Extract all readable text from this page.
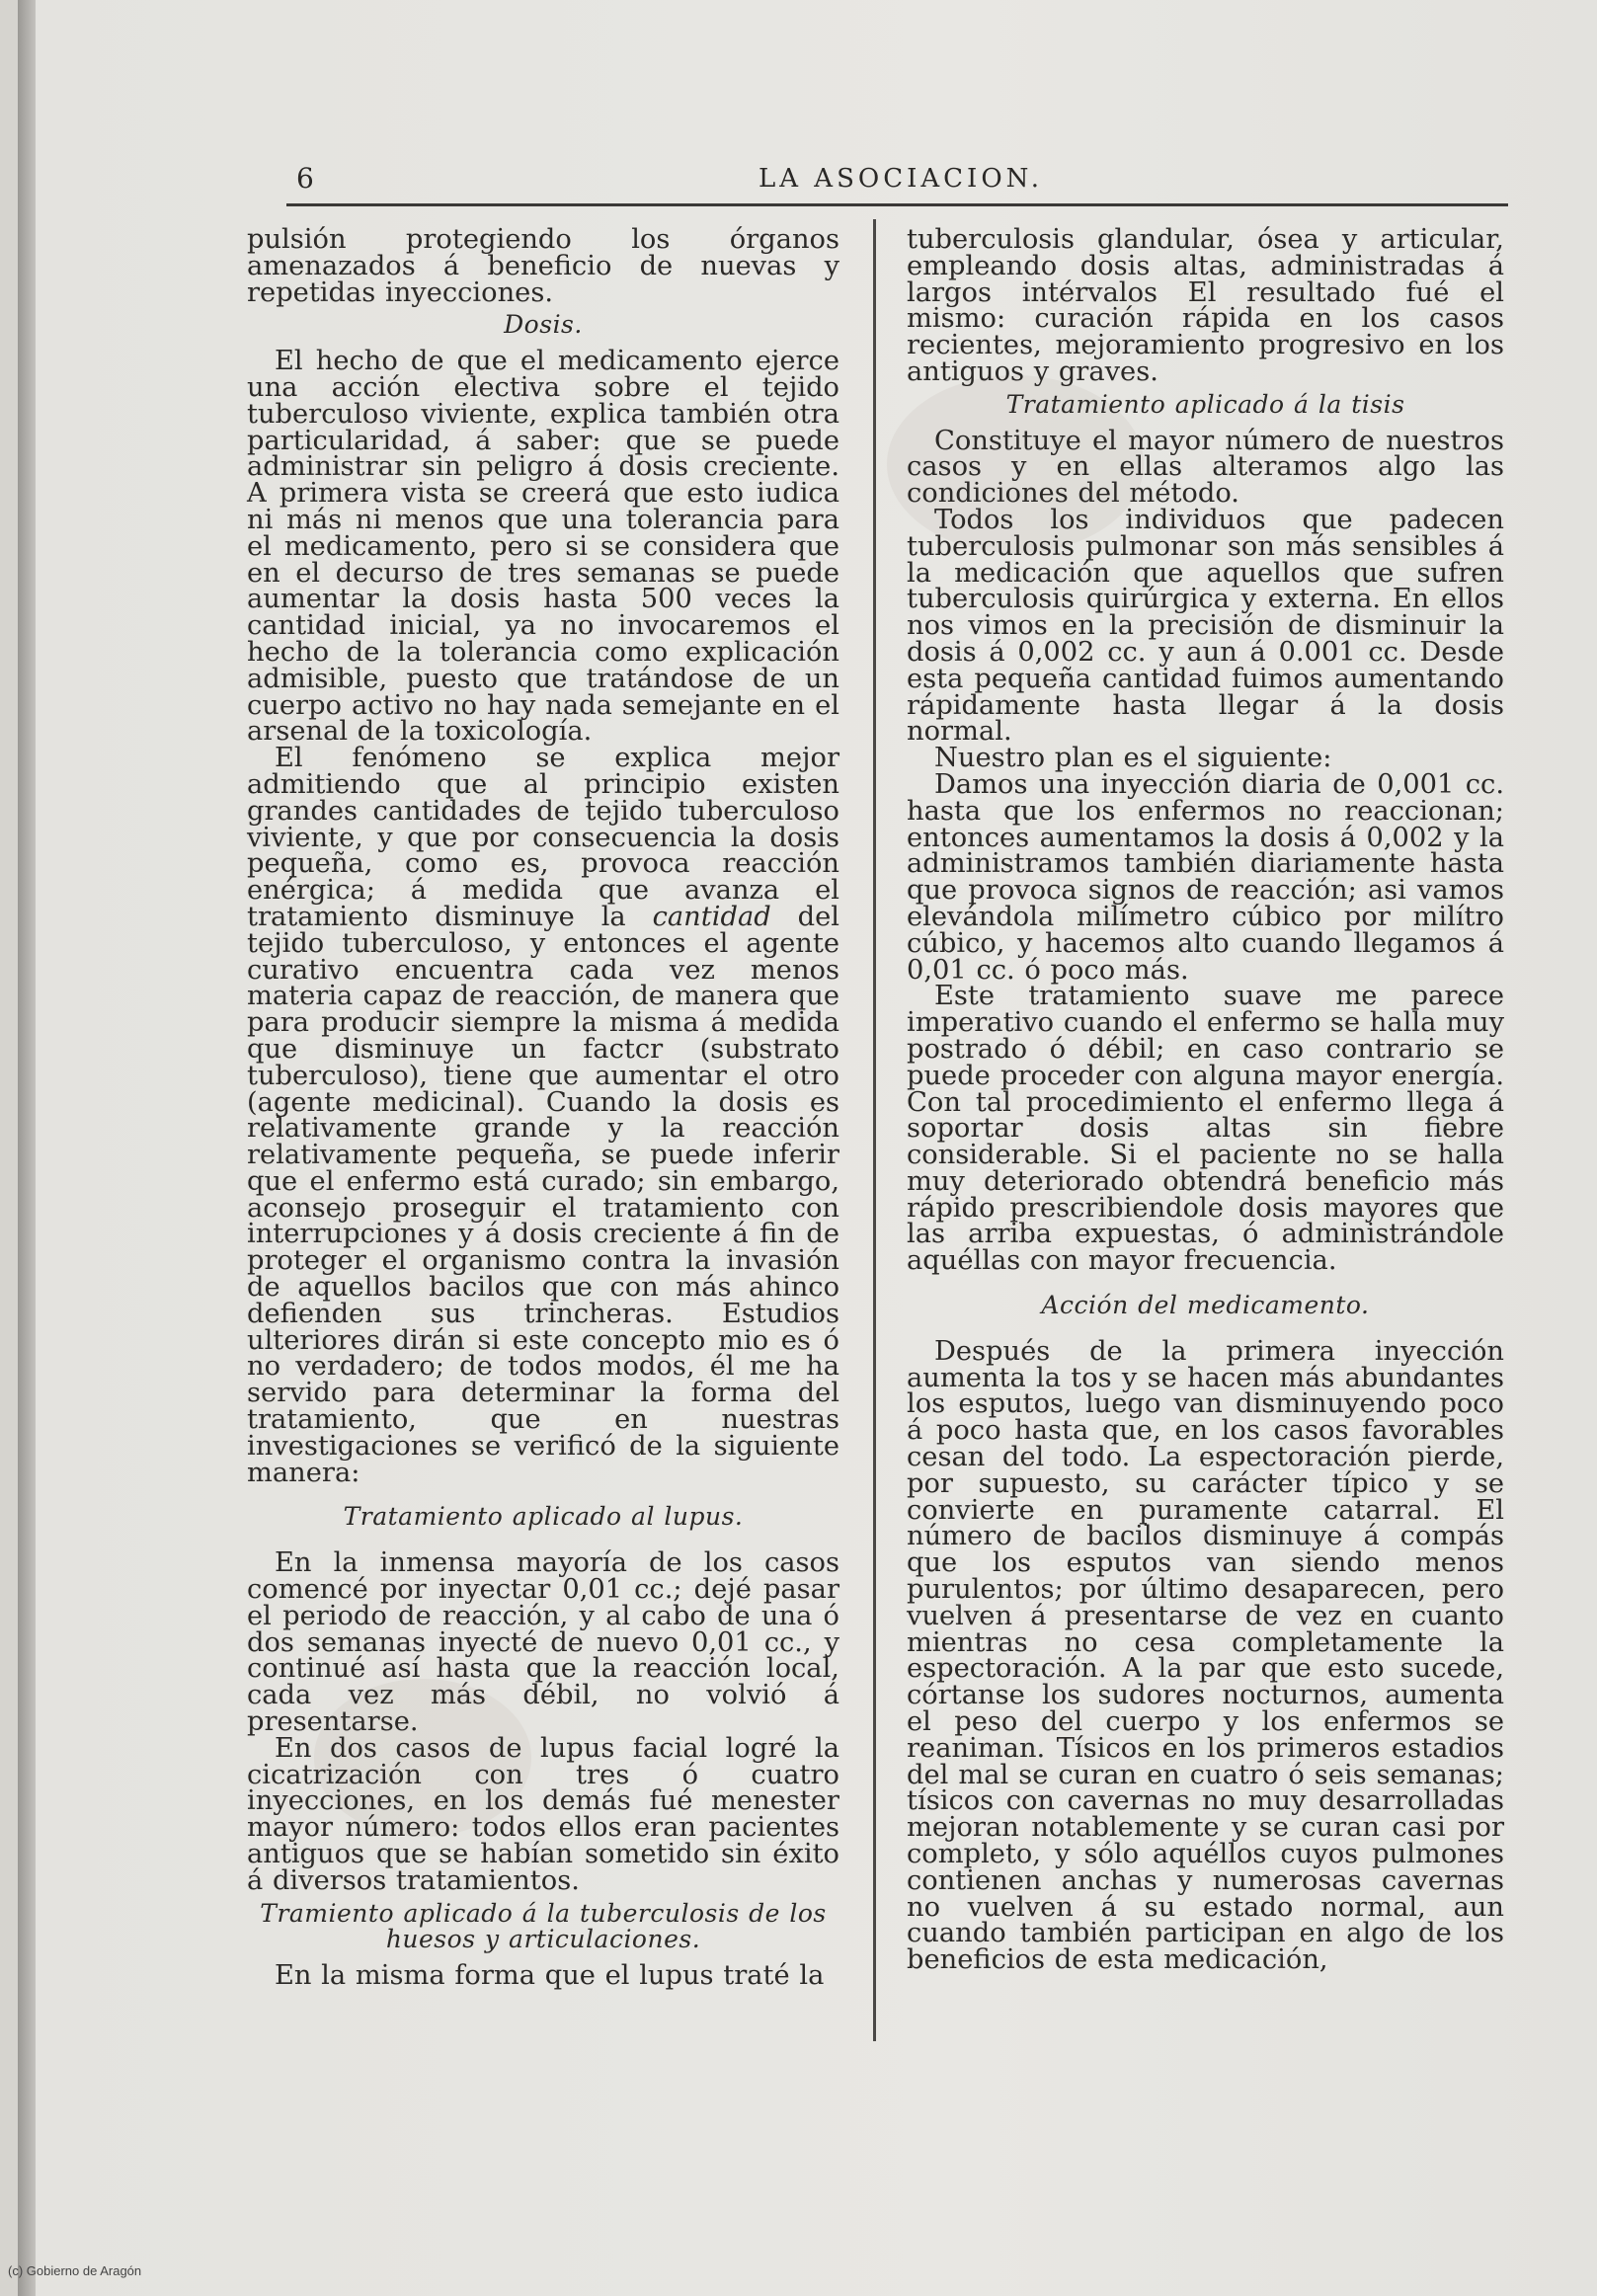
6	LA ASOCIACION.

pulsión protegiendo los órganos amenazados á beneficio de nuevas y repetidas inyecciones.

Dosis.

El hecho de que el medicamento ejerce una acción electiva sobre el tejido tuberculoso viviente, explica también otra particularidad, á saber: que se puede administrar sin peligro á dosis creciente. A primera vista se creerá que esto iudica ni más ni menos que una tolerancia para el medicamento, pero si se considera que en el decurso de tres semanas se puede aumentar la dosis hasta 500 veces la cantidad inicial, ya no invocaremos el hecho de la tolerancia como explicación admisible, puesto que tratándose de un cuerpo activo no hay nada semejante en el arsenal de la toxicología.

El fenómeno se explica mejor admitiendo que al principio existen grandes cantidades de tejido tuberculoso viviente, y que por consecuencia la dosis pequeña, como es, provoca reacción enérgica; á medida que avanza el tratamiento disminuye la cantidad del tejido tuberculoso, y entonces el agente curativo encuentra cada vez menos materia capaz de reacción, de manera que para producir siempre la misma á medida que disminuye un factcr (substrato tuberculoso), tiene que aumentar el otro (agente medicinal). Cuando la dosis es relativamente grande y la reacción relativamente pequeña, se puede inferir que el enfermo está curado; sin embargo, aconsejo proseguir el tratamiento con interrupciones y á dosis creciente á fin de proteger el organismo contra la invasión de aquellos bacilos que con más ahinco defienden sus trincheras. Estudios ulteriores dirán si este concepto mio es ó no verdadero; de todos modos, él me ha servido para determinar la forma del tratamiento, que en nuestras investigaciones se verificó de la siguiente manera:

Tratamiento aplicado al lupus.

En la inmensa mayoría de los casos comencé por inyectar 0,01 cc.; dejé pasar el periodo de reacción, y al cabo de una ó dos semanas inyecté de nuevo 0,01 cc., y continué así hasta que la reacción local, cada vez más débil, no volvió á presentarse.

En dos casos de lupus facial logré la cicatrización con tres ó cuatro inyecciones, en los demás fué menester mayor número: todos ellos eran pacientes antiguos que se habían sometido sin éxito á diversos tratamientos.

Tramiento aplicado á la tuberculosis de los huesos y articulaciones.

En la misma forma que el lupus traté la

tuberculosis glandular, ósea y articular, empleando dosis altas, administradas á largos intérvalos El resultado fué el mismo: curación rápida en los casos recientes, mejoramiento progresivo en los antiguos y graves.

Tratamiento aplicado á la tisis

Constituye el mayor número de nuestros casos y en ellas alteramos algo las condiciones del método.

Todos los individuos que padecen tuberculosis pulmonar son más sensibles á la medicación que aquellos que sufren tuberculosis quirúrgica y externa. En ellos nos vimos en la precisión de disminuir la dosis á 0,002 cc. y aun á 0.001 cc. Desde esta pequeña cantidad fuimos aumentando rápidamente hasta llegar á la dosis normal.

Nuestro plan es el siguiente:

Damos una inyección diaria de 0,001 cc. hasta que los enfermos no reaccionan; entonces aumentamos la dosis á 0,002 y la administramos también diariamente hasta que provoca signos de reacción; asi vamos elevándola milímetro cúbico por milítro cúbico, y hacemos alto cuando llegamos á 0,01 cc. ó poco más.

Este tratamiento suave me parece imperativo cuando el enfermo se halla muy postrado ó débil; en caso contrario se puede proceder con alguna mayor energía. Con tal procedimiento el enfermo llega á soportar dosis altas sin fiebre considerable. Si el paciente no se halla muy deteriorado obtendrá beneficio más rápido prescribiendole dosis mayores que las arriba expuestas, ó administrándole aquéllas con mayor frecuencia.

Acción del medicamento.

Después de la primera inyección aumenta la tos y se hacen más abundantes los esputos, luego van disminuyendo poco á poco hasta que, en los casos favorables cesan del todo. La espectoración pierde, por supuesto, su carácter típico y se convierte en puramente catarral. El número de bacilos disminuye á compás que los esputos van siendo menos purulentos; por último desaparecen, pero vuelven á presentarse de vez en cuanto mientras no cesa completamente la espectoración. A la par que esto sucede, córtanse los sudores nocturnos, aumenta el peso del cuerpo y los enfermos se reaniman. Tísicos en los primeros estadios del mal se curan en cuatro ó seis semanas; tísicos con cavernas no muy desarrolladas mejoran notablemente y se curan casi por completo, y sólo aquéllos cuyos pulmones contienen anchas y numerosas cavernas no vuelven á su estado normal, aun cuando también participan en algo de los beneficios de esta medicación,

(c) Gobierno de Aragón
